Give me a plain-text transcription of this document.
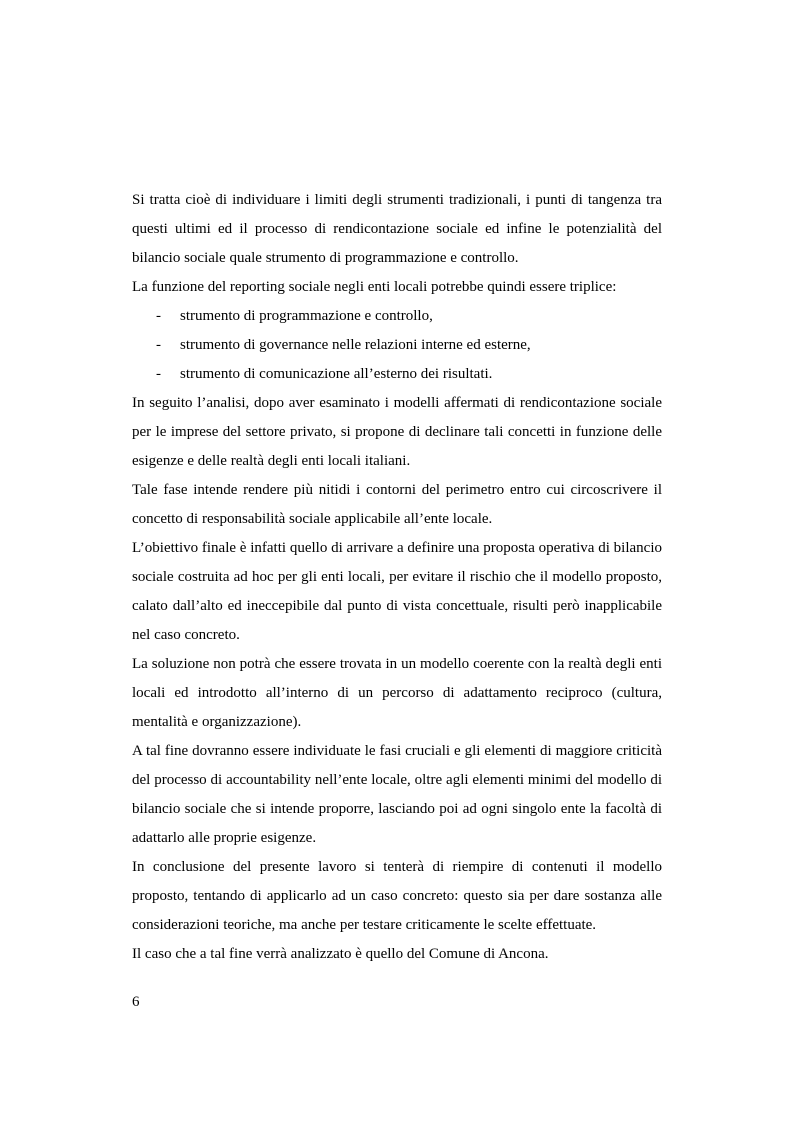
Si tratta cioè di individuare i limiti degli strumenti tradizionali, i punti di tangenza tra questi ultimi ed il processo di rendicontazione sociale ed infine le potenzialità del bilancio sociale quale strumento di programmazione e controllo.

La funzione del reporting sociale negli enti locali potrebbe quindi essere triplice:

- strumento di programmazione e controllo,
- strumento di governance nelle relazioni interne ed esterne,
- strumento di comunicazione all’esterno dei risultati.

In seguito l’analisi, dopo aver esaminato i modelli affermati di rendicontazione sociale per le imprese del settore privato, si propone di declinare tali concetti in funzione delle esigenze e delle realtà degli enti locali italiani.

Tale fase intende rendere più nitidi i contorni del perimetro entro cui circoscrivere il concetto di responsabilità sociale applicabile all’ente locale.

L’obiettivo finale è infatti quello di arrivare a definire una proposta operativa di bilancio sociale costruita ad hoc per gli enti locali, per evitare il rischio che il modello proposto, calato dall’alto ed ineccepibile dal punto di vista concettuale, risulti però inapplicabile nel caso concreto.

La soluzione non potrà che essere trovata in un modello coerente con la realtà degli enti locali ed introdotto all’interno di un percorso di adattamento reciproco (cultura, mentalità e organizzazione).

A tal fine dovranno essere individuate le fasi cruciali e gli elementi di maggiore criticità del processo di accountability nell’ente locale, oltre agli elementi minimi del modello di bilancio sociale che si intende proporre, lasciando poi ad ogni singolo ente la facoltà di adattarlo alle proprie esigenze.

In conclusione del presente lavoro si tenterà di riempire di contenuti il modello proposto, tentando di applicarlo ad un caso concreto: questo sia per dare sostanza alle considerazioni teoriche, ma anche per testare criticamente le scelte effettuate.

Il caso che a tal fine verrà analizzato è quello del Comune di Ancona.

6
